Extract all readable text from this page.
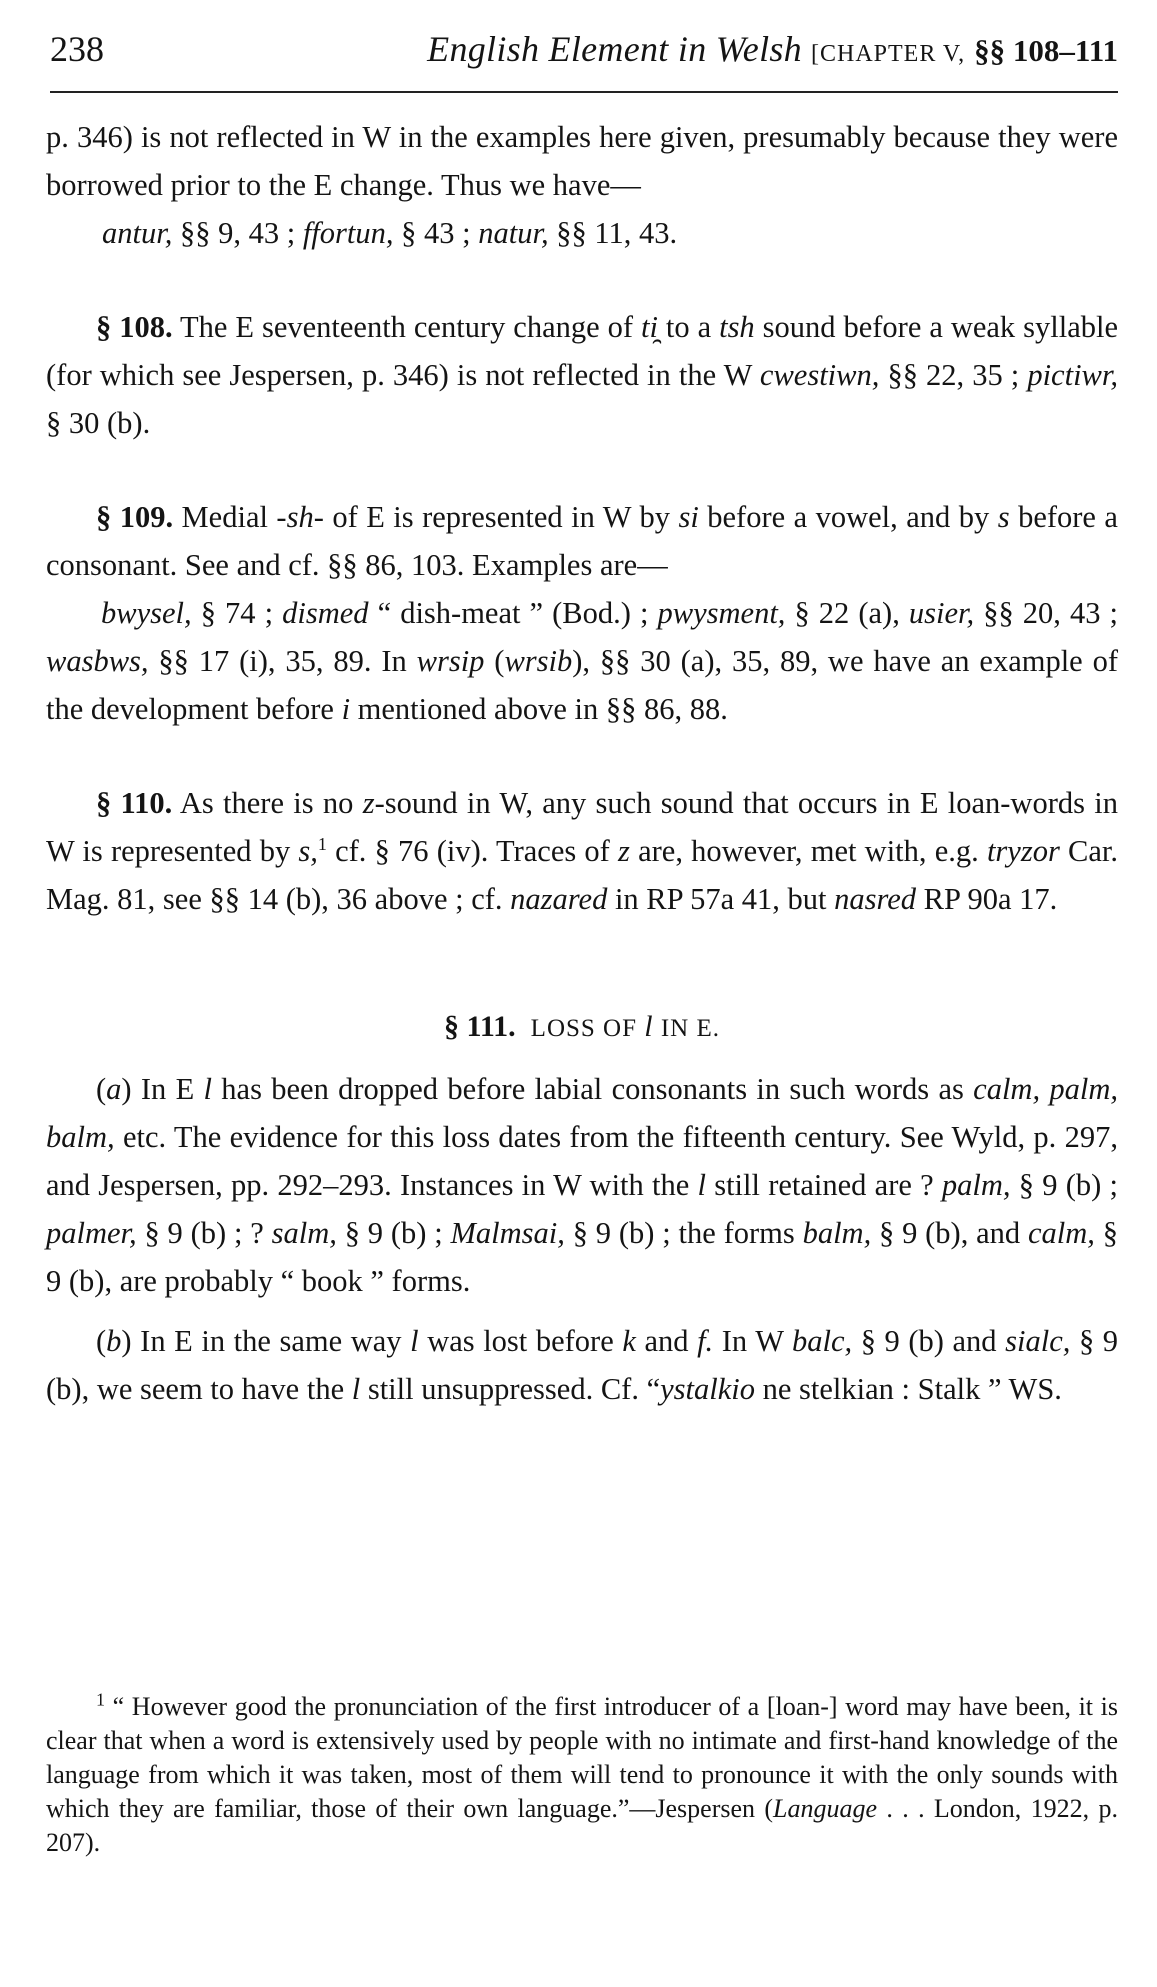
238	English Element in Welsh [CHAPTER V, §§ 108–111

p. 346) is not reflected in W in the examples here given, presumably because they were borrowed prior to the E change. Thus we have—

antur, §§ 9, 43 ; ffortun, § 43 ; natur, §§ 11, 43.

§ 108. The E seventeenth century change of ti̯ to a tsh sound before a weak syllable (for which see Jespersen, p. 346) is not reflected in the W cwestiwn, §§ 22, 35 ; pictiwr, § 30 (b).

§ 109. Medial -sh- of E is represented in W by si before a vowel, and by s before a consonant. See and cf. §§ 86, 103. Examples are—

bwysel, § 74 ; dismed “ dish-meat ” (Bod.) ; pwysment, § 22 (a), usier, §§ 20, 43 ; wasbws, §§ 17 (i), 35, 89. In wrsip (wrsib), §§ 30 (a), 35, 89, we have an example of the development before i mentioned above in §§ 86, 88.

§ 110. As there is no z-sound in W, any such sound that occurs in E loan-words in W is represented by s,$^1$ cf. § 76 (iv). Traces of z are, however, met with, e.g. tryzor Car. Mag. 81, see §§ 14 (b), 36 above ; cf. nazared in RP 57a 41, but nasred RP 90a 17.

§ 111. LOSS OF l IN E.

(a) In E l has been dropped before labial consonants in such words as calm, palm, balm, etc. The evidence for this loss dates from the fifteenth century. See Wyld, p. 297, and Jespersen, pp. 292–293. Instances in W with the l still retained are ? palm, § 9 (b) ; palmer, § 9 (b) ; ? salm, § 9 (b) ; Malmsai, § 9 (b) ; the forms balm, § 9 (b), and calm, § 9 (b), are probably “ book ” forms.

(b) In E in the same way l was lost before k and f. In W balc, § 9 (b) and sialc, § 9 (b), we seem to have the l still unsuppressed. Cf. “ystalkio ne stelkian : Stalk ” WS.

$^1$ “ However good the pronunciation of the first introducer of a [loan-] word may have been, it is clear that when a word is extensively used by people with no intimate and first-hand knowledge of the language from which it was taken, most of them will tend to pronounce it with the only sounds with which they are familiar, those of their own language.”—Jespersen (Language . . . London, 1922, p. 207).
